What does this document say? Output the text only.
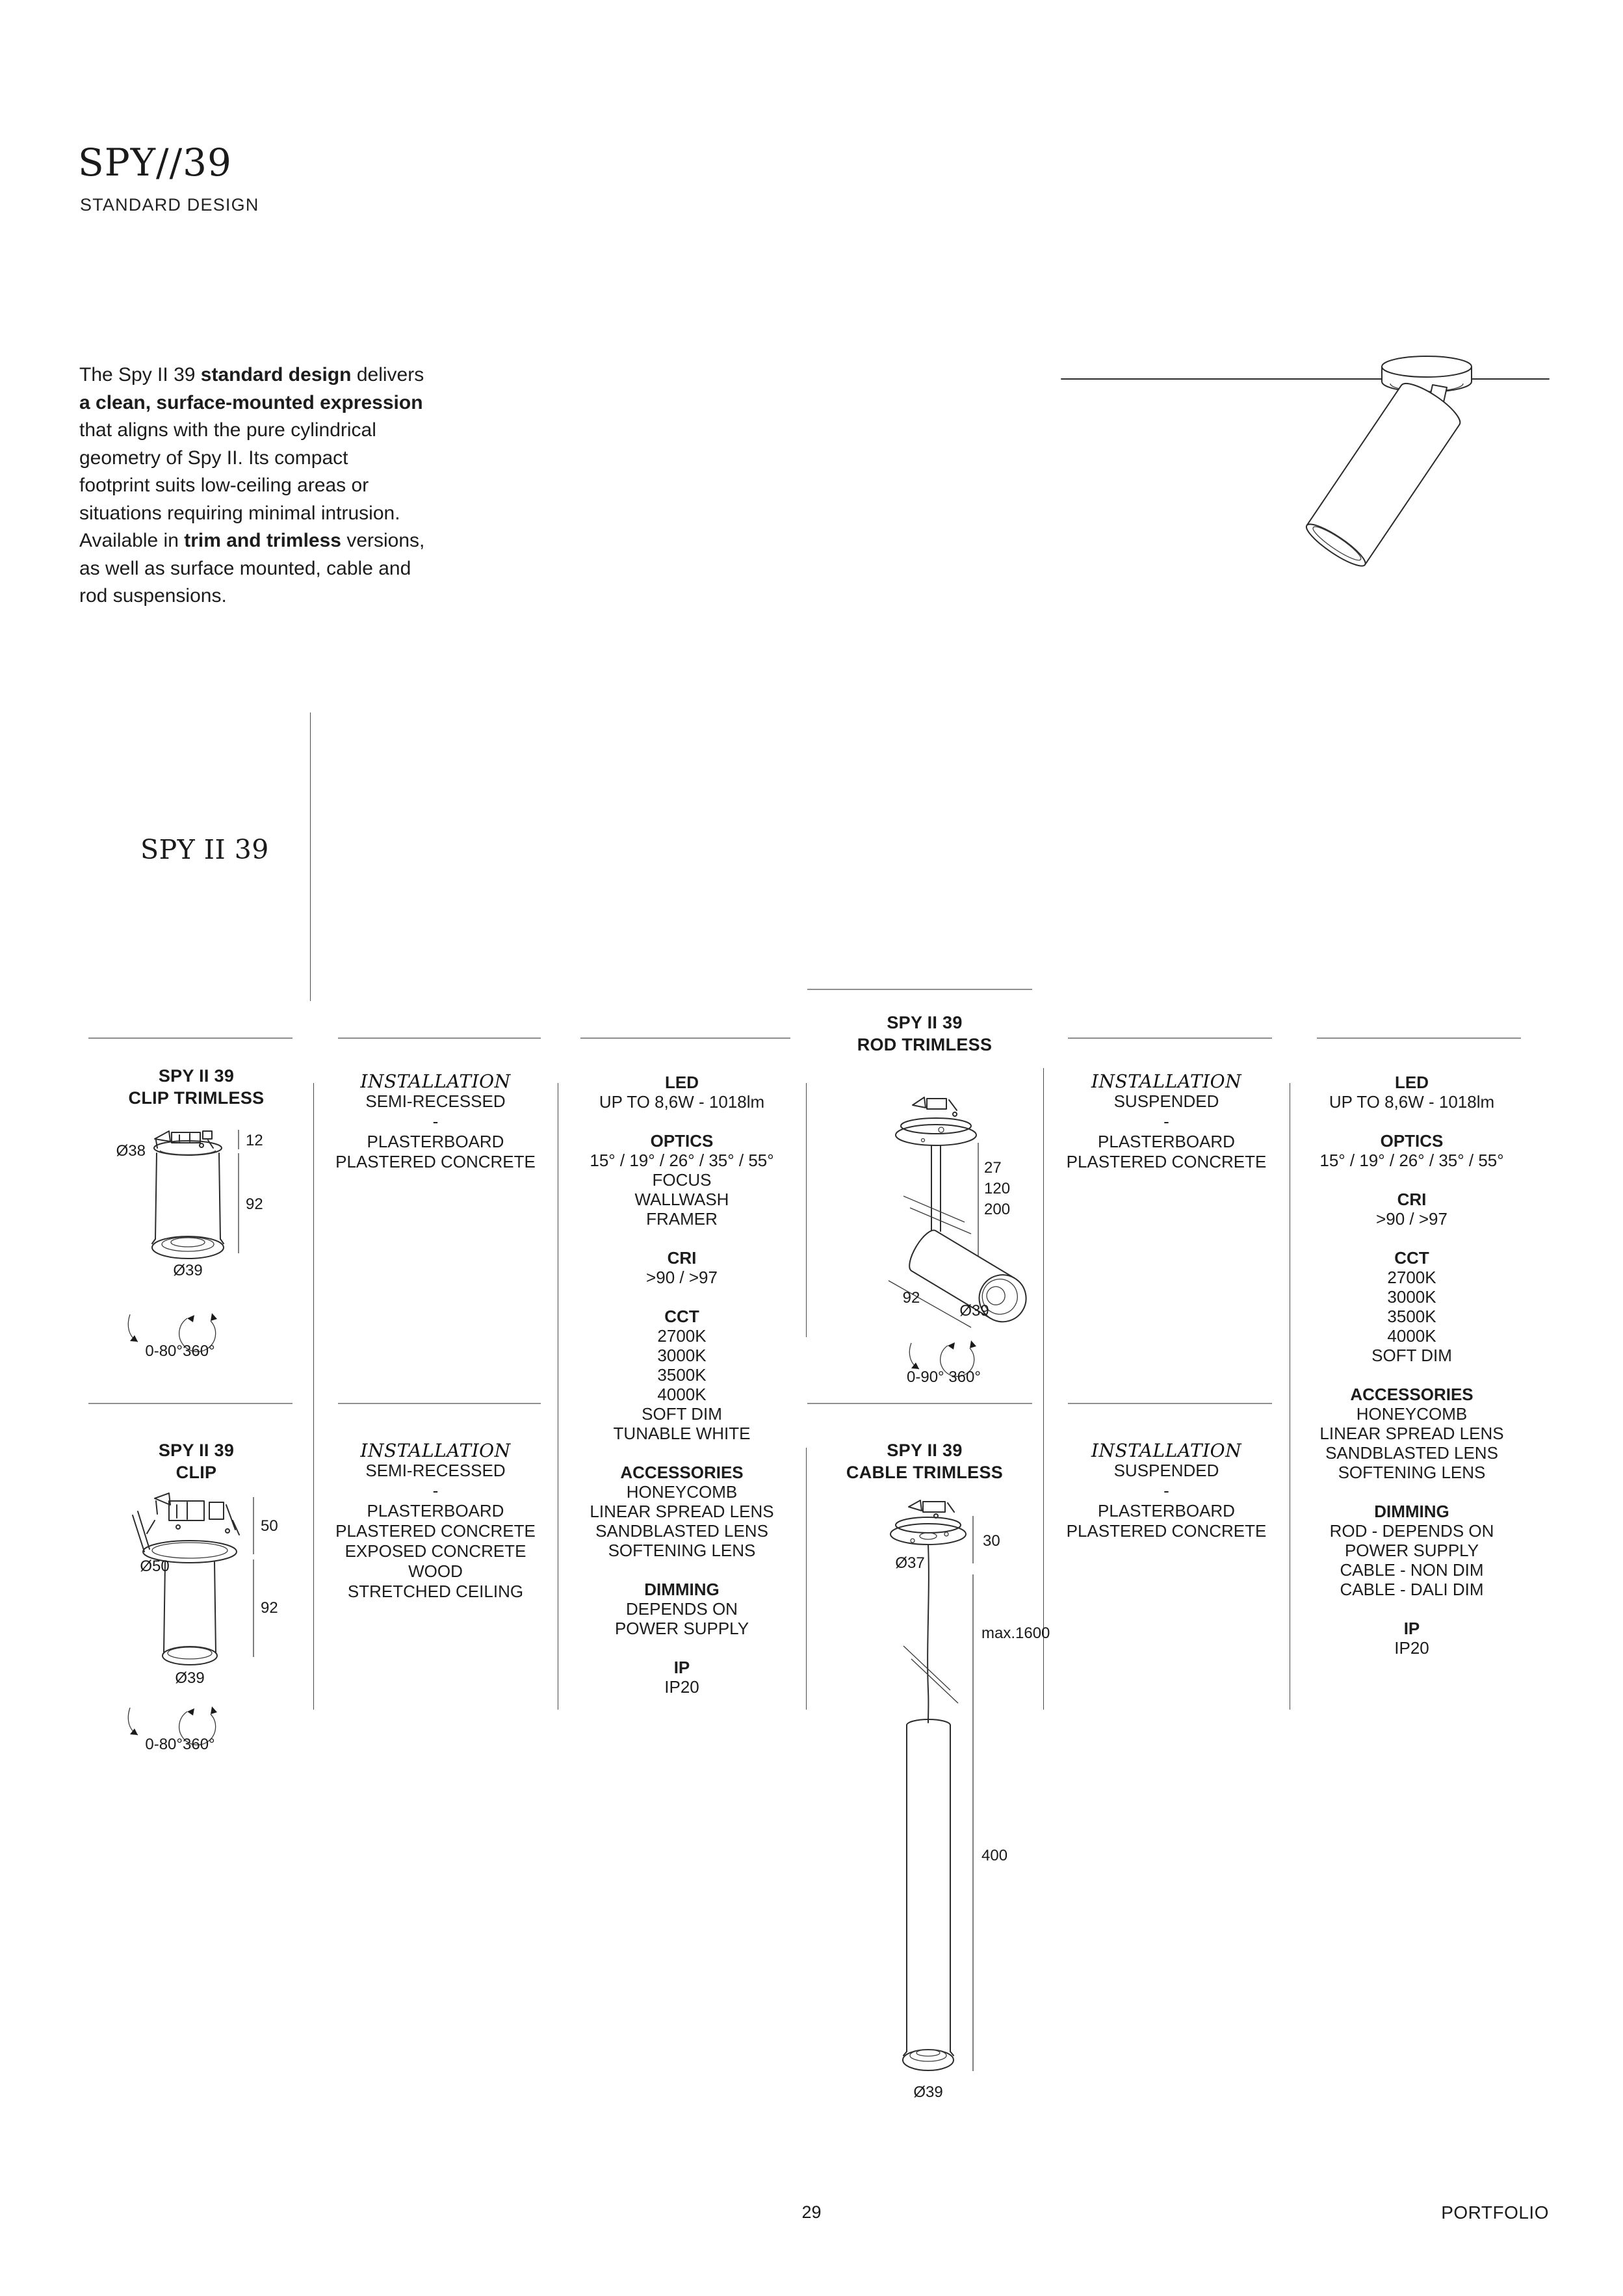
SPY//39
STANDARD DESIGN
The Spy II 39 standard design delivers
a clean, surface-mounted expression
that aligns with the pure cylindrical
geometry of Spy II. Its compact
footprint suits low-ceiling areas or
situations requiring minimal intrusion.
Available in trim and trimless versions,
as well as surface mounted, cable and
rod suspensions.
SPY II 39
SPY II 39
CLIP TRIMLESS
Ø38
12
92
Ø39
0-80°360°
INSTALLATION
SEMI-RECESSED
-
PLASTERBOARD
PLASTERED CONCRETE
LED
UP TO 8,6W - 1018lm
OPTICS
15° / 19° / 26° / 35° / 55°
FOCUS
WALLWASH
FRAMER
CRI
>90 / >97
CCT
2700K
3000K
3500K
4000K
SOFT DIM
TUNABLE WHITE
ACCESSORIES
HONEYCOMB
LINEAR SPREAD LENS
SANDBLASTED LENS
SOFTENING LENS
DIMMING
DEPENDS ON
POWER SUPPLY
IP
IP20
SPY II 39
ROD TRIMLESS
27
120
200
92
Ø39
0-90° 360°
INSTALLATION
SUSPENDED
-
PLASTERBOARD
PLASTERED CONCRETE
LED
UP TO 8,6W - 1018lm
OPTICS
15° / 19° / 26° / 35° / 55°
CRI
>90 / >97
CCT
2700K
3000K
3500K
4000K
SOFT DIM
ACCESSORIES
HONEYCOMB
LINEAR SPREAD LENS
SANDBLASTED LENS
SOFTENING LENS
DIMMING
ROD - DEPENDS ON
POWER SUPPLY
CABLE - NON DIM
CABLE - DALI DIM
IP
IP20
SPY II 39
CLIP
50
Ø50
92
Ø39
0-80°360°
INSTALLATION
SEMI-RECESSED
-
PLASTERBOARD
PLASTERED CONCRETE
EXPOSED CONCRETE
WOOD
STRETCHED CEILING
SPY II 39
CABLE TRIMLESS
Ø37
30
max.1600
400
Ø39
INSTALLATION
SUSPENDED
-
PLASTERBOARD
PLASTERED CONCRETE
29	PORTFOLIO
